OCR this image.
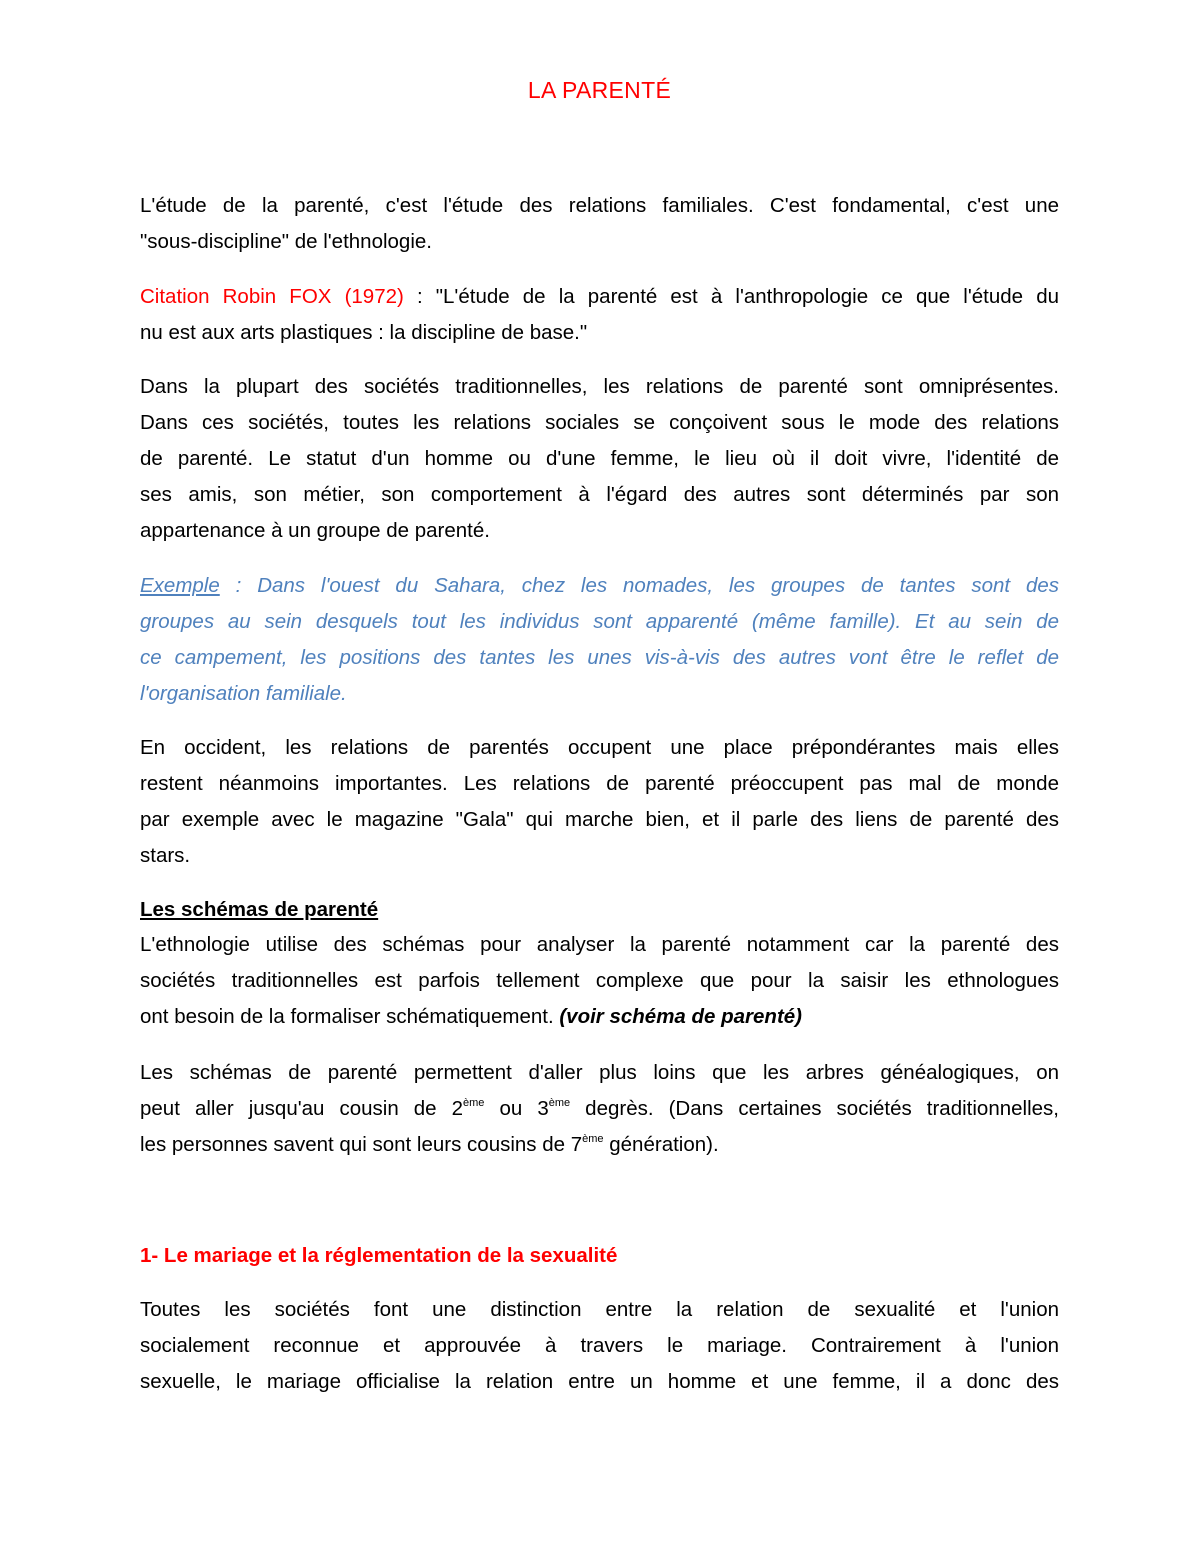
LA PARENTÉ

L'étude de la parenté, c'est l'étude des relations familiales. C'est fondamental, c'est une
"sous-discipline" de l'ethnologie.

Citation Robin FOX (1972) : "L'étude de la parenté est à l'anthropologie ce que l'étude du
nu est aux arts plastiques : la discipline de base."

Dans la plupart des sociétés traditionnelles, les relations de parenté sont omniprésentes.
Dans ces sociétés, toutes les relations sociales se conçoivent sous le mode des relations
de parenté. Le statut d'un homme ou d'une femme, le lieu où il doit vivre, l'identité de
ses amis, son métier, son comportement à l'égard des autres sont déterminés par son
appartenance à un groupe de parenté.

Exemple : Dans l'ouest du Sahara, chez les nomades, les groupes de tantes sont des
groupes au sein desquels tout les individus sont apparenté (même famille). Et au sein de
ce campement, les positions des tantes les unes vis-à-vis des autres vont être le reflet de
l'organisation familiale.

En occident, les relations de parentés occupent une place prépondérantes mais elles
restent néanmoins importantes. Les relations de parenté préoccupent pas mal de monde
par exemple avec le magazine "Gala" qui marche bien, et il parle des liens de parenté des
stars.

Les schémas de parenté
L'ethnologie utilise des schémas pour analyser la parenté notamment car la parenté des
sociétés traditionnelles est parfois tellement complexe que pour la saisir les ethnologues
ont besoin de la formaliser schématiquement. (voir schéma de parenté)

Les schémas de parenté permettent d'aller plus loins que les arbres généalogiques, on
peut aller jusqu'au cousin de 2ème ou 3ème degrès. (Dans certaines sociétés traditionnelles,
les personnes savent qui sont leurs cousins de 7ème génération).

1- Le mariage et la réglementation de la sexualité

Toutes les sociétés font une distinction entre la relation de sexualité et l'union
socialement reconnue et approuvée à travers le mariage. Contrairement à l'union
sexuelle, le mariage officialise la relation entre un homme et une femme, il a donc des
